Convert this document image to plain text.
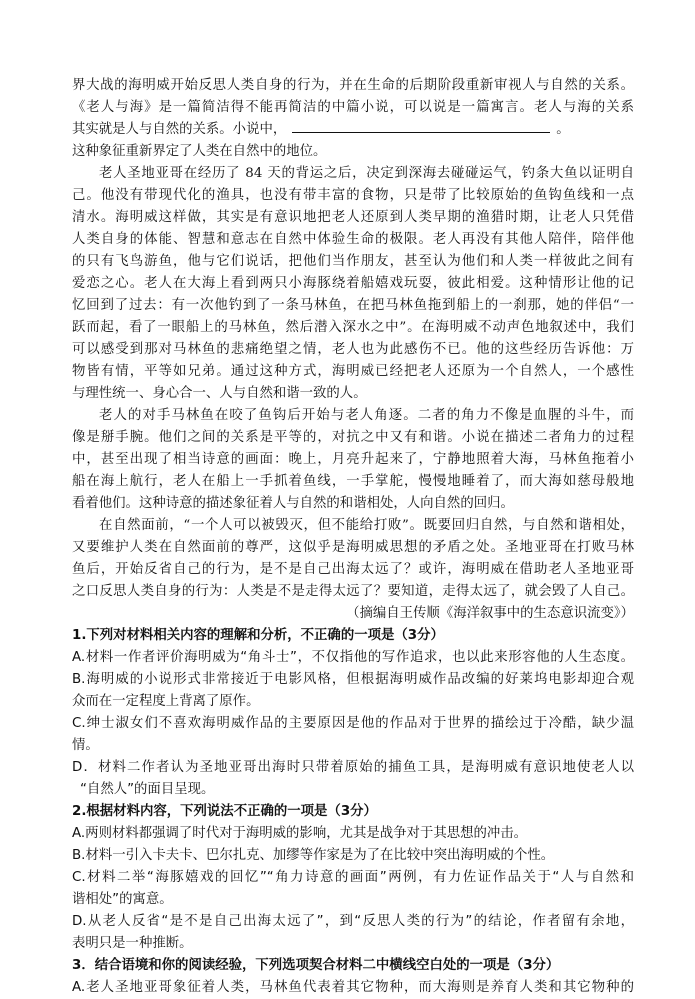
界大战的海明威开始反思人类自身的行为，并在生命的后期阶段重新审视人与自然的关系。
《老人与海》是一篇简洁得不能再简洁的中篇小说，可以说是一篇寓言。老人与海的关系
其实就是人与自然的关系。小说中，	。
这种象征重新界定了人类在自然中的地位。
老人圣地亚哥在经历了 84 天的背运之后，决定到深海去碰碰运气，钓条大鱼以证明自
己。他没有带现代化的渔具，也没有带丰富的食物，只是带了比较原始的鱼钩鱼线和一点
清水。海明威这样做，其实是有意识地把老人还原到人类早期的渔猎时期，让老人只凭借
人类自身的体能、智慧和意志在自然中体验生命的极限。老人再没有其他人陪伴，陪伴他
的只有飞鸟游鱼，他与它们说话，把他们当作朋友，甚至认为他们和人类一样彼此之间有
爱恋之心。老人在大海上看到两只小海豚绕着船嬉戏玩耍，彼此相爱。这种情形让他的记
忆回到了过去：有一次他钓到了一条马林鱼，在把马林鱼拖到船上的一刹那，她的伴侣“一
跃而起，看了一眼船上的马林鱼，然后潜入深水之中”。在海明威不动声色地叙述中，我们
可以感受到那对马林鱼的悲痛绝望之情，老人也为此感伤不已。他的这些经历告诉他：万
物皆有情，平等如兄弟。通过这种方式，海明威已经把老人还原为一个自然人，一个感性
与理性统一、身心合一、人与自然和谐一致的人。
老人的对手马林鱼在咬了鱼钩后开始与老人角逐。二者的角力不像是血腥的斗牛，而
像是掰手腕。他们之间的关系是平等的，对抗之中又有和谐。小说在描述二者角力的过程
中，甚至出现了相当诗意的画面：晚上，月亮升起来了，宁静地照着大海，马林鱼拖着小
船在海上航行，老人在船上一手抓着鱼线，一手掌舵，慢慢地睡着了，而大海如慈母般地
看着他们。这种诗意的描述象征着人与自然的和谐相处，人向自然的回归。
在自然面前，“一个人可以被毁灭，但不能给打败”。既要回归自然，与自然和谐相处，
又要维护人类在自然面前的尊严，这似乎是海明威思想的矛盾之处。圣地亚哥在打败马林
鱼后，开始反省自己的行为，是不是自己出海太远了？或许，海明威在借助老人圣地亚哥
之口反思人类自身的行为：人类是不是走得太远了？要知道，走得太远了，就会毁了人自己。
（摘编自王传顺《海洋叙事中的生态意识流变》）
1.下列对材料相关内容的理解和分析，不正确的一项是（3分）
A.材料一作者评价海明威为“角斗士”，不仅指他的写作追求，也以此来形容他的人生态度。
B.海明威的小说形式非常接近于电影风格，但根据海明威作品改编的好莱坞电影却迎合观
众而在一定程度上背离了原作。
C.绅士淑女们不喜欢海明威作品的主要原因是他的作品对于世界的描绘过于冷酷，缺少温
情。
D．材料二作者认为圣地亚哥出海时只带着原始的捕鱼工具，是海明威有意识地使老人以
“自然人”的面目呈现。
2.根据材料内容，下列说法不正确的一项是（3分）
A.两则材料都强调了时代对于海明威的影响，尤其是战争对于其思想的冲击。
B.材料一引入卡夫卡、巴尔扎克、加缪等作家是为了在比较中突出海明威的个性。
C.材料二举“海豚嬉戏的回忆”“角力诗意的画面”两例，有力佐证作品关于“人与自然和
谐相处”的寓意。
D.从老人反省“是不是自己出海太远了”，到“反思人类的行为”的结论，作者留有余地，
表明只是一种推断。
3．结合语境和你的阅读经验，下列选项契合材料二中横线空白处的一项是（3分）
A.老人圣地亚哥象征着人类，马林鱼代表着其它物种，而大海则是养育人类和其它物种的
